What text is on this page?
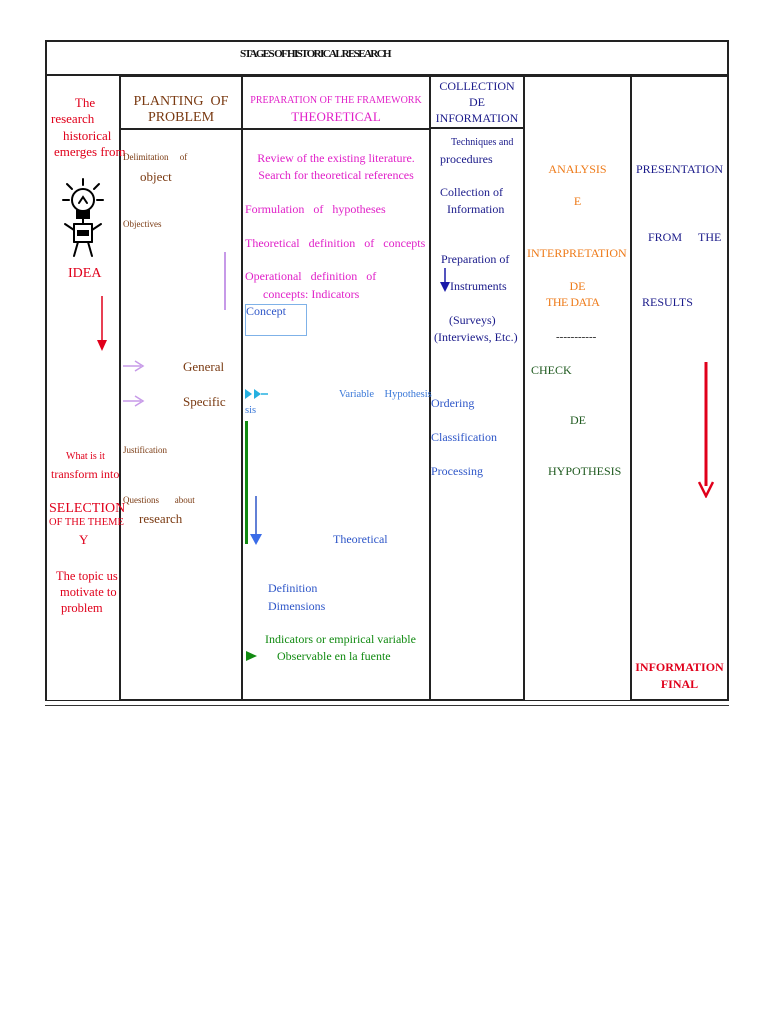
STAGES OF HISTORICAL RESEARCH
The
research
historical
emerges from
IDEA
What is it
transform into
SELECTION
OF THE THEME
Y
The topic us
motivate to
problem
PLANTING  OF
PROBLEM
Delimitation     of
object
Objectives
General
Specific
Justification
Questions       about
research
PREPARATION OF THE FRAMEWORK
THEORETICAL
Review of the existing literature.
Search for theoretical references
Formulation   of   hypotheses
Theoretical   definition   of   concepts
Operational   definition   of
concepts: Indicators
Concept
Variable    Hypothesis
sis
Theoretical
Definition
Dimensions
Indicators or empirical variable
Observable en la fuente
COLLECTION
DE
INFORMATION
Techniques and
procedures
Collection of
Information
Preparation of
Instruments
(Surveys)
(Interviews, Etc.)
Ordering
Classification
Processing
ANALYSIS
E
INTERPRETATION
DE
THE DATA
-----------
CHECK
DE
HYPOTHESIS
PRESENTATION
FROM THE
RESULTS
INFORMATION
FINAL
